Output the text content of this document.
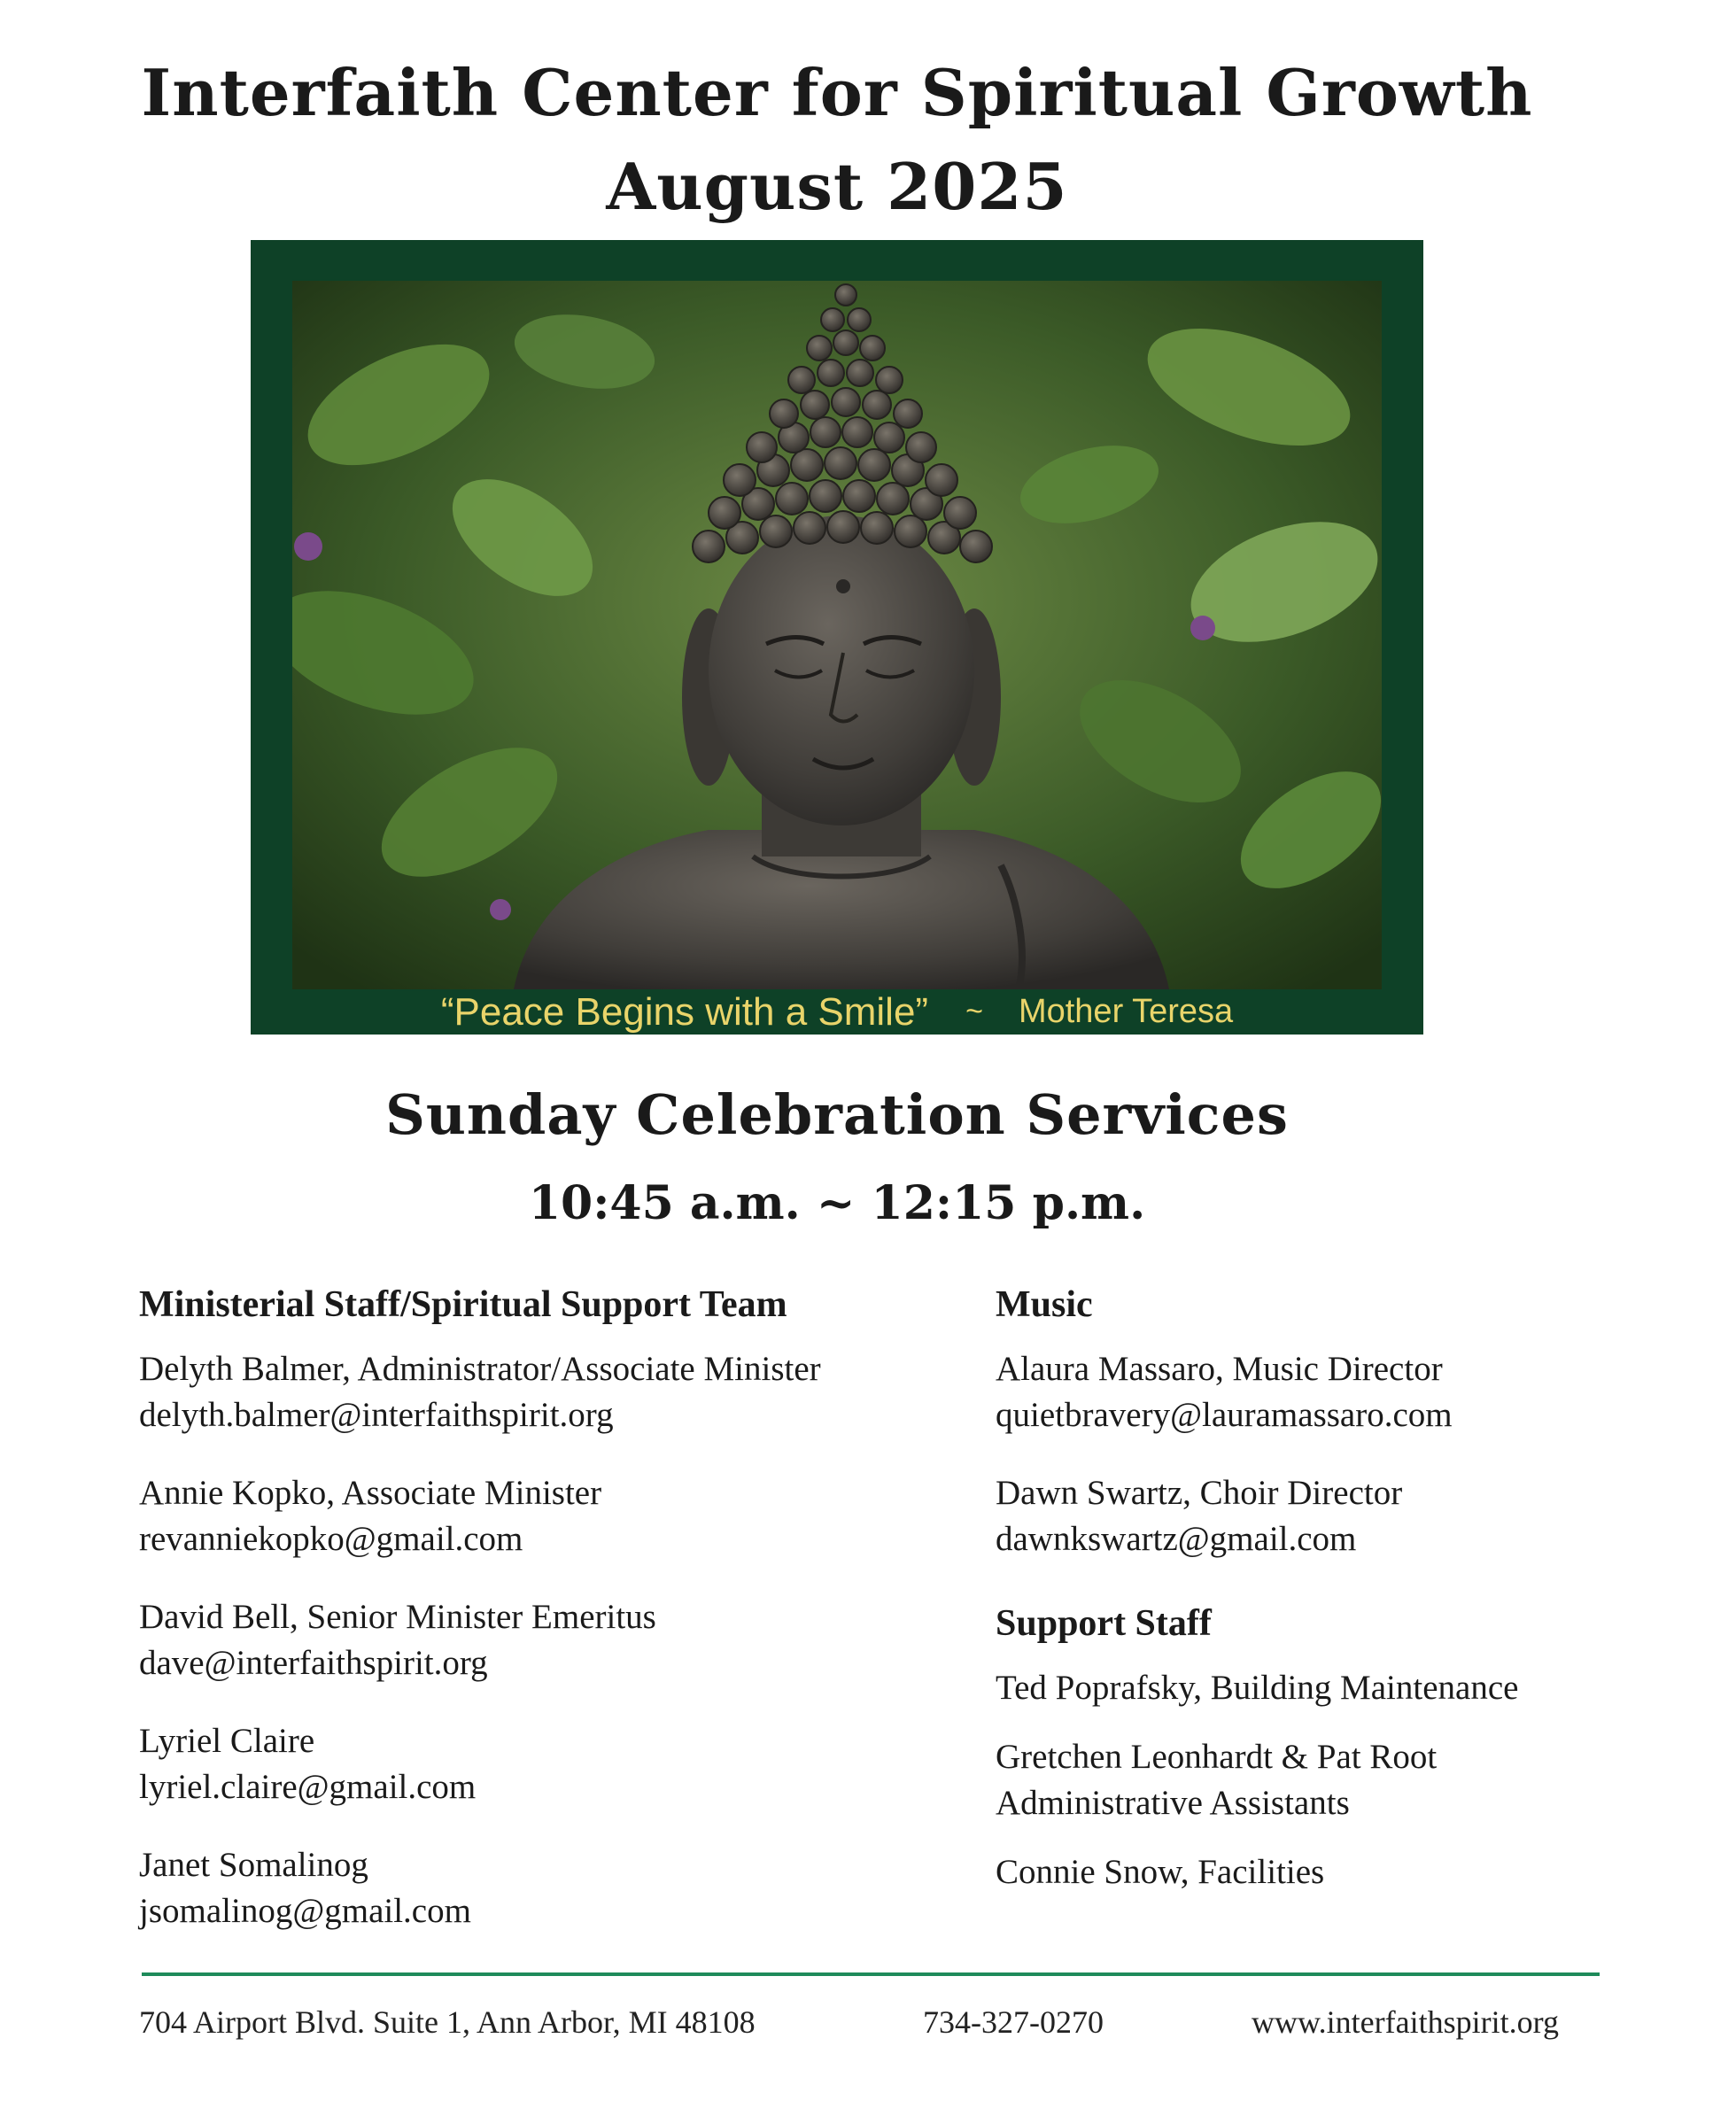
Interfaith Center for Spiritual Growth
August 2025
“Peace Begins with a Smile” ~ Mother Teresa
Sunday Celebration Services
10:45 a.m. ~ 12:15 p.m.
Ministerial Staff/Spiritual Support Team
Delyth Balmer, Administrator/Associate Minister
delyth.balmer@interfaithspirit.org
Annie Kopko, Associate Minister
revanniekopko@gmail.com
David Bell, Senior Minister Emeritus
dave@interfaithspirit.org
Lyriel Claire
lyriel.claire@gmail.com
Janet Somalinog
jsomalinog@gmail.com
Music
Alaura Massaro, Music Director
quietbravery@lauramassaro.com
Dawn Swartz, Choir Director
dawnkswartz@gmail.com
Support Staff
Ted Poprafsky, Building Maintenance
Gretchen Leonhardt & Pat Root
Administrative Assistants
Connie Snow, Facilities
704 Airport Blvd. Suite 1, Ann Arbor, MI 48108	734-327-0270	www.interfaithspirit.org
